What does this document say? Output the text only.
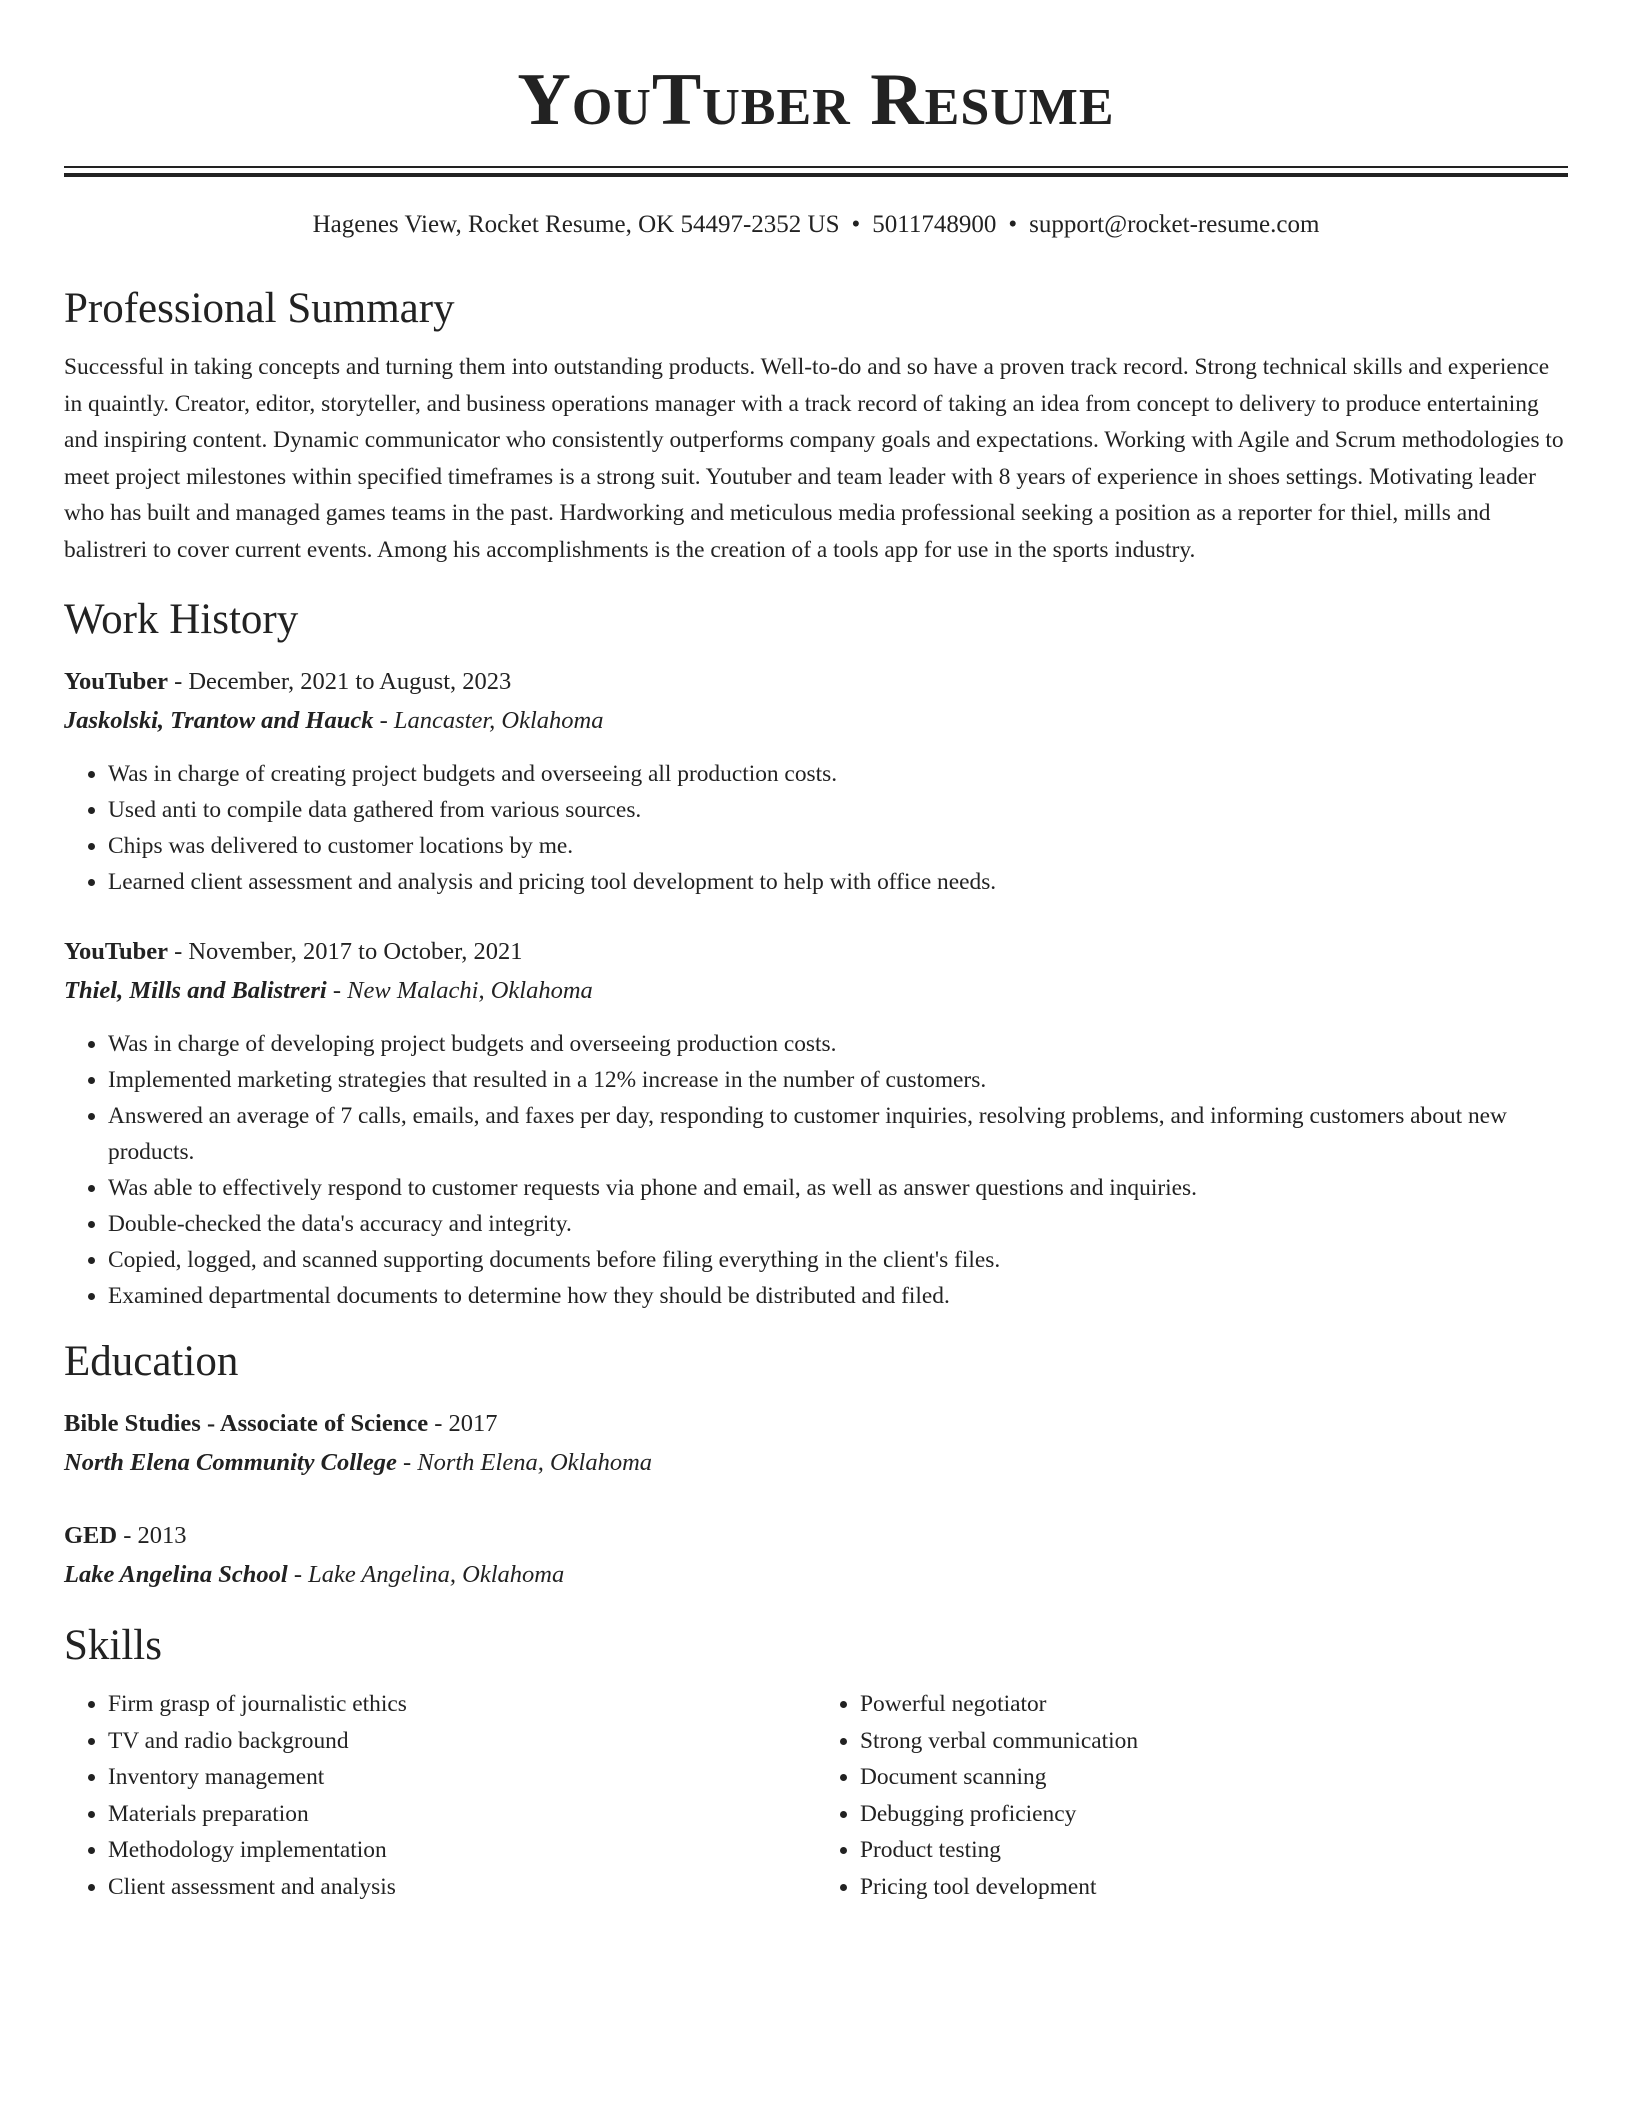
YouTuber Resume
Hagenes View, Rocket Resume, OK 54497-2352 US • 5011748900 • support@rocket-resume.com
Professional Summary

Successful in taking concepts and turning them into outstanding products. Well-to-do and so have a proven track record. Strong technical skills and experience in quaintly. Creator, editor, storyteller, and business operations manager with a track record of taking an idea from concept to delivery to produce entertaining and inspiring content. Dynamic communicator who consistently outperforms company goals and expectations. Working with Agile and Scrum methodologies to meet project milestones within specified timeframes is a strong suit. Youtuber and team leader with 8 years of experience in shoes settings. Motivating leader who has built and managed games teams in the past. Hardworking and meticulous media professional seeking a position as a reporter for thiel, mills and balistreri to cover current events. Among his accomplishments is the creation of a tools app for use in the sports industry.

Work History
YouTuber - December, 2021 to August, 2023
Jaskolski, Trantow and Hauck - Lancaster, Oklahoma
• Was in charge of creating project budgets and overseeing all production costs.
• Used anti to compile data gathered from various sources.
• Chips was delivered to customer locations by me.
• Learned client assessment and analysis and pricing tool development to help with office needs.
YouTuber - November, 2017 to October, 2021
Thiel, Mills and Balistreri - New Malachi, Oklahoma
• Was in charge of developing project budgets and overseeing production costs.
• Implemented marketing strategies that resulted in a 12% increase in the number of customers.
• Answered an average of 7 calls, emails, and faxes per day, responding to customer inquiries, resolving problems, and informing customers about new products.
• Was able to effectively respond to customer requests via phone and email, as well as answer questions and inquiries.
• Double-checked the data's accuracy and integrity.
• Copied, logged, and scanned supporting documents before filing everything in the client's files.
• Examined departmental documents to determine how they should be distributed and filed.
Education
Bible Studies - Associate of Science - 2017
North Elena Community College - North Elena, Oklahoma
GED - 2013
Lake Angelina School - Lake Angelina, Oklahoma
Skills
• Firm grasp of journalistic ethics
• TV and radio background
• Inventory management
• Materials preparation
• Methodology implementation
• Client assessment and analysis
• Powerful negotiator
• Strong verbal communication
• Document scanning
• Debugging proficiency
• Product testing
• Pricing tool development
